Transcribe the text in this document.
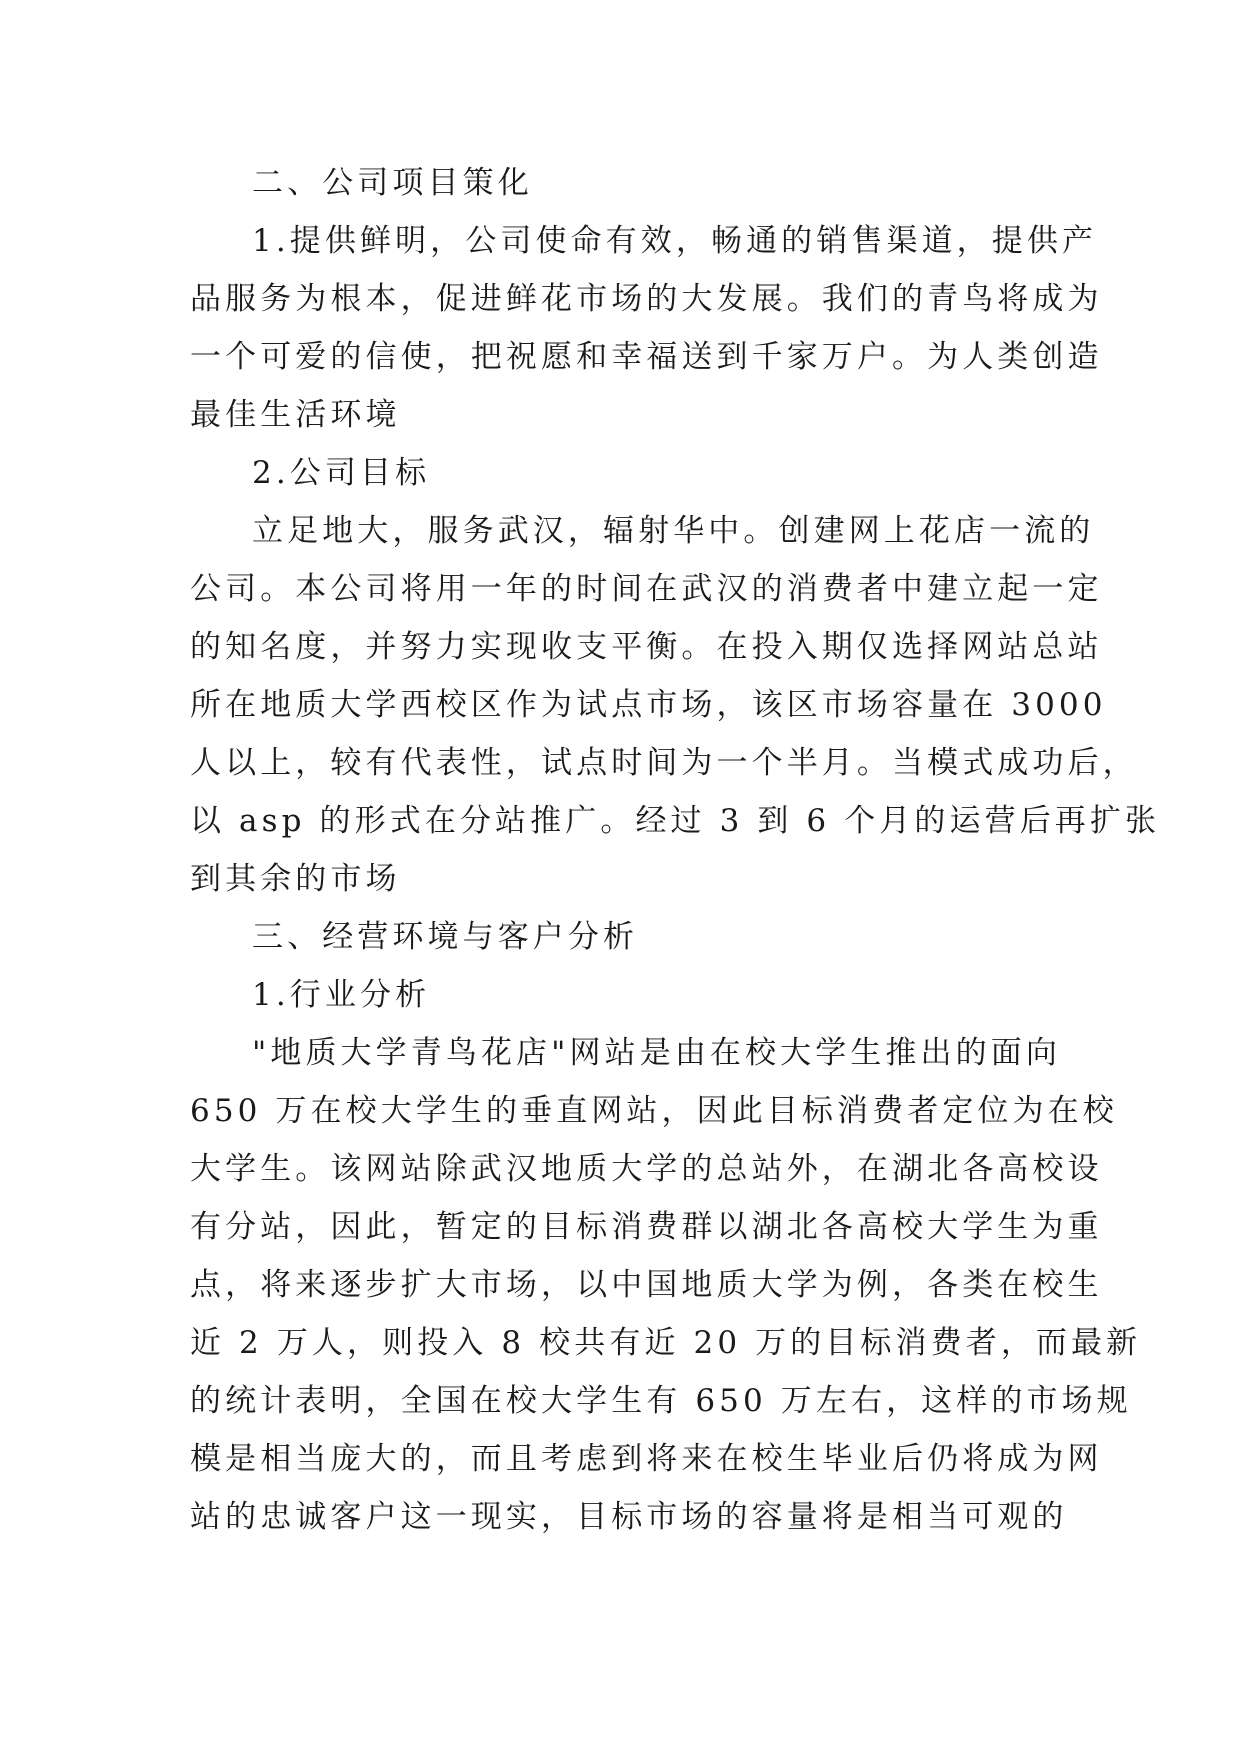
二、公司项目策化
1.提供鲜明，公司使命有效，畅通的销售渠道，提供产
品服务为根本，促进鲜花市场的大发展。我们的青鸟将成为
一个可爱的信使，把祝愿和幸福送到千家万户。为人类创造
最佳生活环境
2.公司目标
立足地大，服务武汉，辐射华中。创建网上花店一流的
公司。本公司将用一年的时间在武汉的消费者中建立起一定
的知名度，并努力实现收支平衡。在投入期仅选择网站总站
所在地质大学西校区作为试点市场，该区市场容量在 3000
人以上，较有代表性，试点时间为一个半月。当模式成功后，
以 asp 的形式在分站推广。经过 3 到 6 个月的运营后再扩张
到其余的市场
三、经营环境与客户分析
1.行业分析
"地质大学青鸟花店"网站是由在校大学生推出的面向
650 万在校大学生的垂直网站，因此目标消费者定位为在校
大学生。该网站除武汉地质大学的总站外，在湖北各高校设
有分站，因此，暂定的目标消费群以湖北各高校大学生为重
点，将来逐步扩大市场，以中国地质大学为例，各类在校生
近 2 万人，则投入 8 校共有近 20 万的目标消费者，而最新
的统计表明，全国在校大学生有 650 万左右，这样的市场规
模是相当庞大的，而且考虑到将来在校生毕业后仍将成为网
站的忠诚客户这一现实，目标市场的容量将是相当可观的
